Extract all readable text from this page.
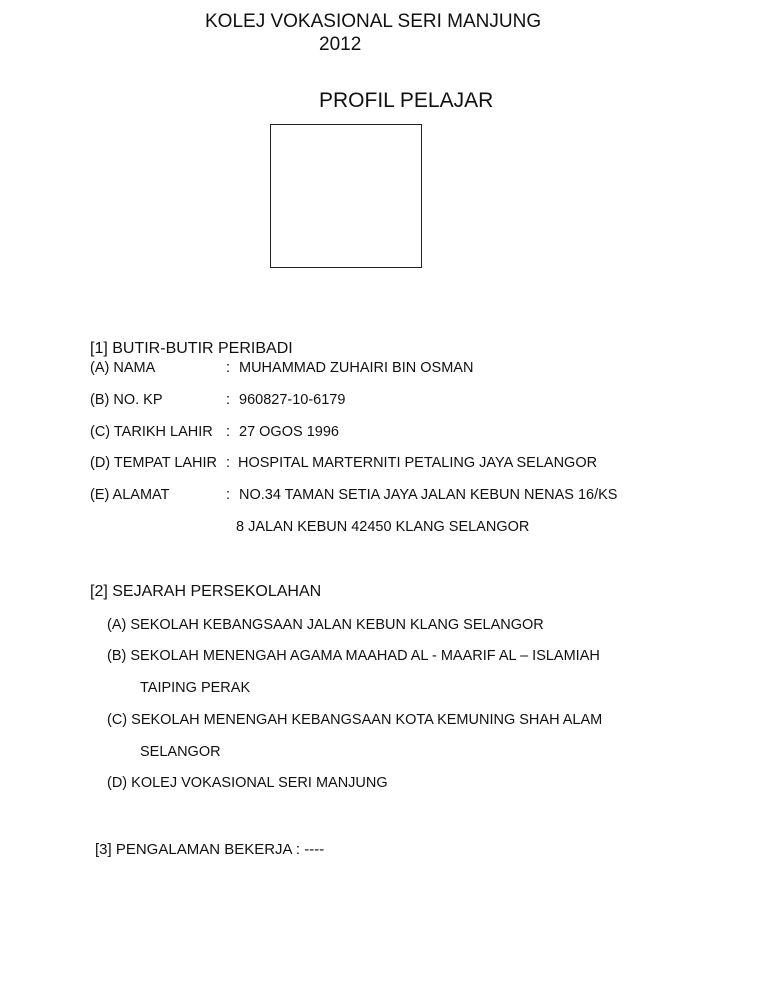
KOLEJ VOKASIONAL SERI MANJUNG
2012
PROFIL PELAJAR
[1] BUTIR-BUTIR PERIBADI
(A) NAMA	: MUHAMMAD ZUHAIRI BIN OSMAN
(B) NO. KP	: 960827-10-6179
(C) TARIKH LAHIR : 27 OGOS 1996
(D) TEMPAT LAHIR : HOSPITAL MARTERNITI PETALING JAYA SELANGOR
(E) ALAMAT	: NO.34 TAMAN SETIA JAYA JALAN KEBUN NENAS 16/KS
8 JALAN KEBUN 42450 KLANG SELANGOR
[2] SEJARAH PERSEKOLAHAN
(A) SEKOLAH KEBANGSAAN JALAN KEBUN KLANG SELANGOR
(B) SEKOLAH MENENGAH AGAMA MAAHAD AL - MAARIF AL – ISLAMIAH
TAIPING PERAK
(C) SEKOLAH MENENGAH KEBANGSAAN KOTA KEMUNING SHAH ALAM
SELANGOR
(D) KOLEJ VOKASIONAL SERI MANJUNG
[3] PENGALAMAN BEKERJA : ----
